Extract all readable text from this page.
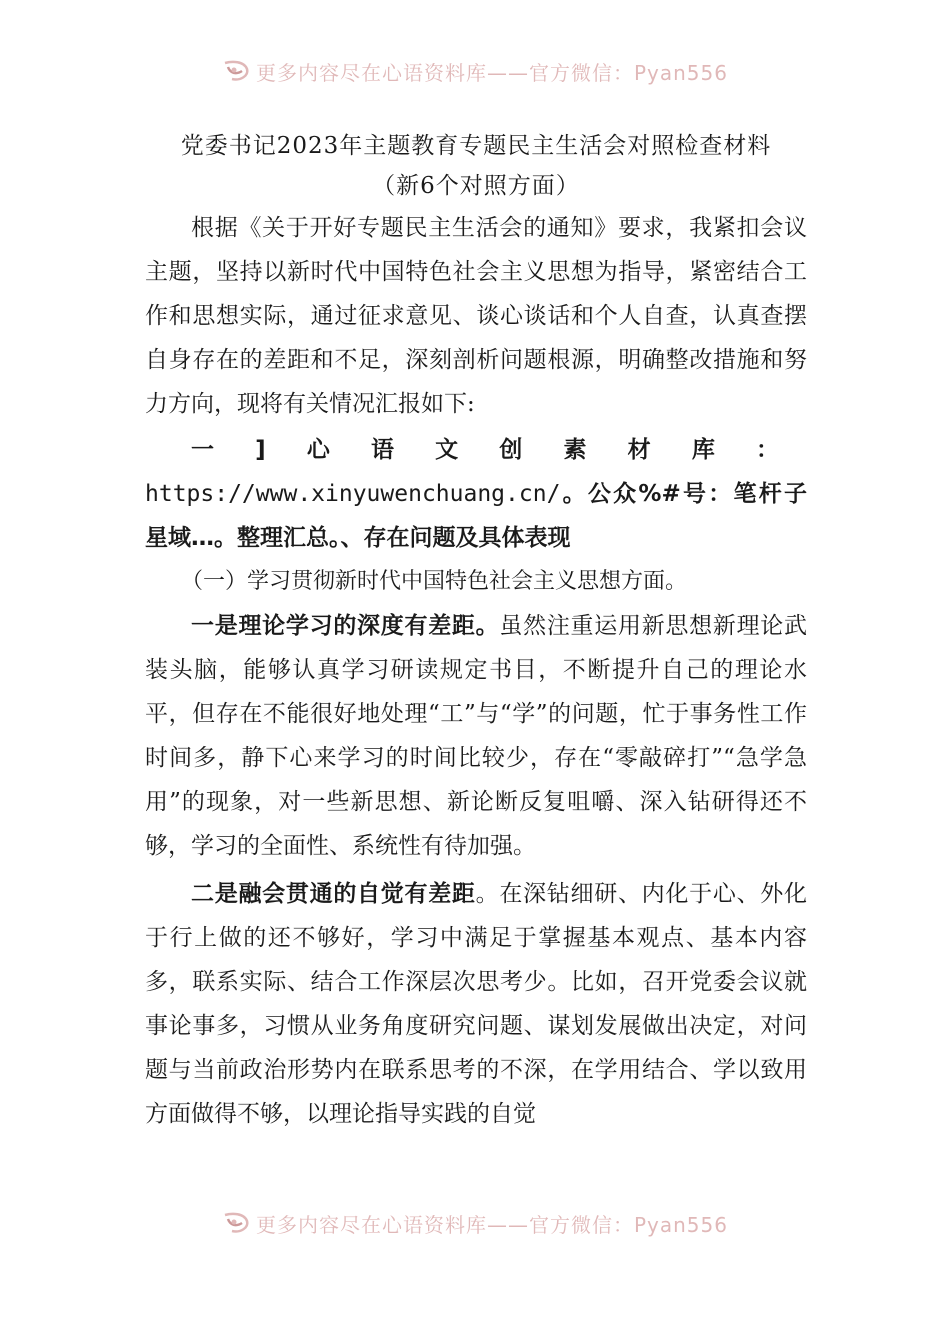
更多内容尽在心语资料库——官方微信：Pyan556
党委书记2023年主题教育专题民主生活会对照检查材料
（新6个对照方面）

根据《关于开好专题民主生活会的通知》要求，我紧扣会议主题，坚持以新时代中国特色社会主义思想为指导，紧密结合工作和思想实际，通过征求意见、谈心谈话和个人自查，认真查摆自身存在的差距和不足，深刻剖析问题根源，明确整改措施和努力方向，现将有关情况汇报如下:

一]心语文创素材库：https://www.xinyuwenchuang.cn/。公众%#号：笔杆子星域…。整理汇总。、存在问题及具体表现

（一）学习贯彻新时代中国特色社会主义思想方面。

一是理论学习的深度有差距。虽然注重运用新思想新理论武装头脑，能够认真学习研读规定书目，不断提升自己的理论水平，但存在不能很好地处理“工”与“学”的问题，忙于事务性工作时间多，静下心来学习的时间比较少，存在“零敲碎打”“急学急用”的现象，对一些新思想、新论断反复咀嚼、深入钻研得还不够，学习的全面性、系统性有待加强。

二是融会贯通的自觉有差距。在深钻细研、内化于心、外化于行上做的还不够好，学习中满足于掌握基本观点、基本内容多，联系实际、结合工作深层次思考少。比如，召开党委会议就事论事多，习惯从业务角度研究问题、谋划发展做出决定，对问题与当前政治形势内在联系思考的不深，在学用结合、学以致用方面做得不够，以理论指导实践的自觉

更多内容尽在心语资料库——官方微信：Pyan556
